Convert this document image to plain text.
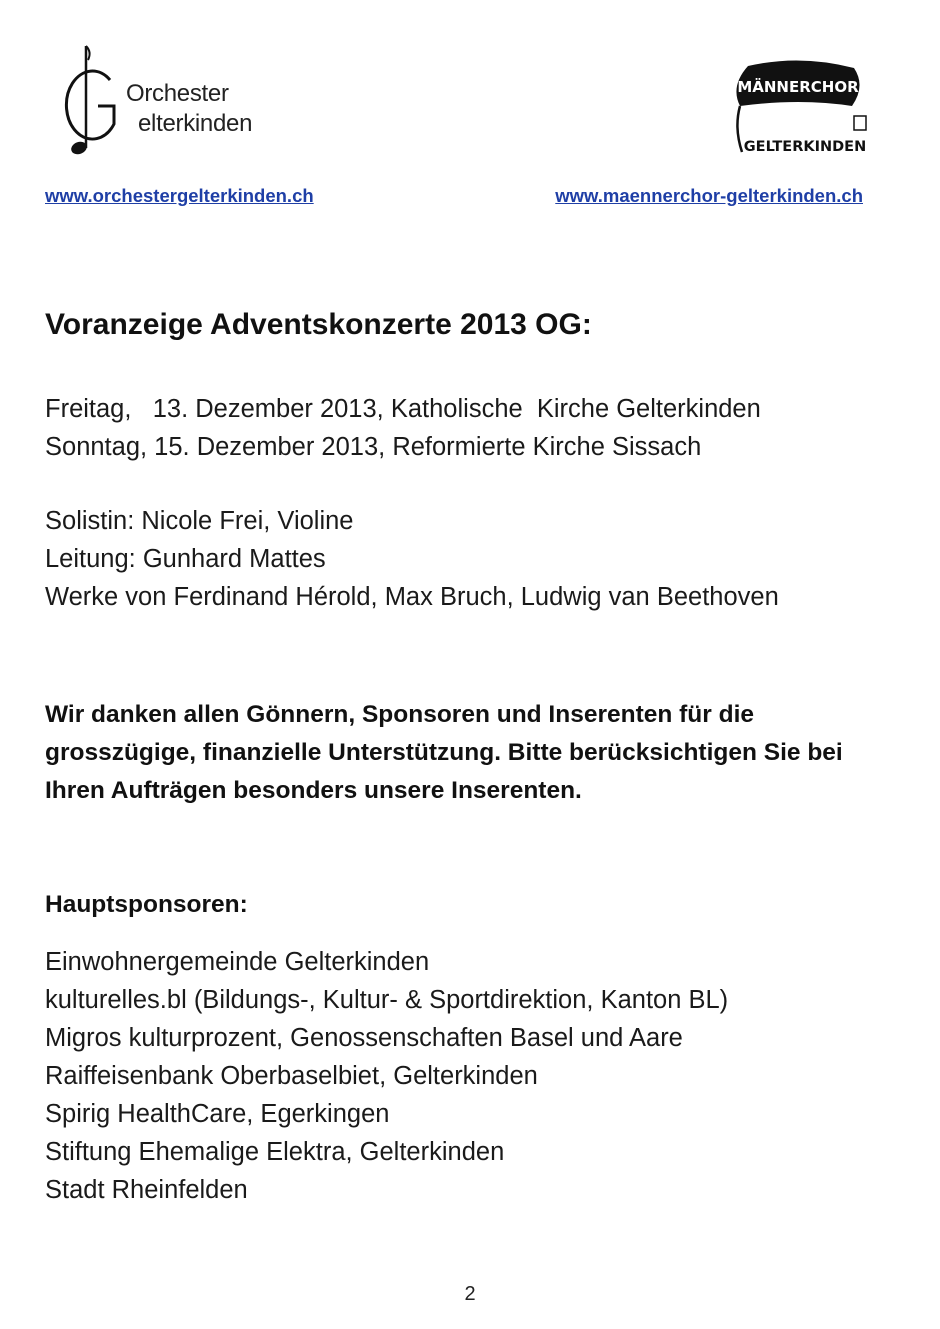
Orchester
elterkinden
MÄNNERCHOR
GELTERKINDEN
www.orchestergelterkinden.ch	www.maennerchor-gelterkinden.ch
Voranzeige Adventskonzerte 2013 OG:
Freitag,   13. Dezember 2013, Katholische  Kirche Gelterkinden
Sonntag, 15. Dezember 2013, Reformierte Kirche Sissach
Solistin: Nicole Frei, Violine
Leitung: Gunhard Mattes
Werke von Ferdinand Hérold, Max Bruch, Ludwig van Beethoven

Wir danken allen Gönnern, Sponsoren und Inserenten für die grosszügige, finanzielle Unterstützung. Bitte berücksichtigen Sie bei Ihren Aufträgen besonders unsere Inserenten.

Hauptsponsoren:
Einwohnergemeinde Gelterkinden
kulturelles.bl (Bildungs-, Kultur- & Sportdirektion, Kanton BL)
Migros kulturprozent, Genossenschaften Basel und Aare
Raiffeisenbank Oberbaselbiet, Gelterkinden
Spirig HealthCare, Egerkingen
Stiftung Ehemalige Elektra, Gelterkinden
Stadt Rheinfelden
2
